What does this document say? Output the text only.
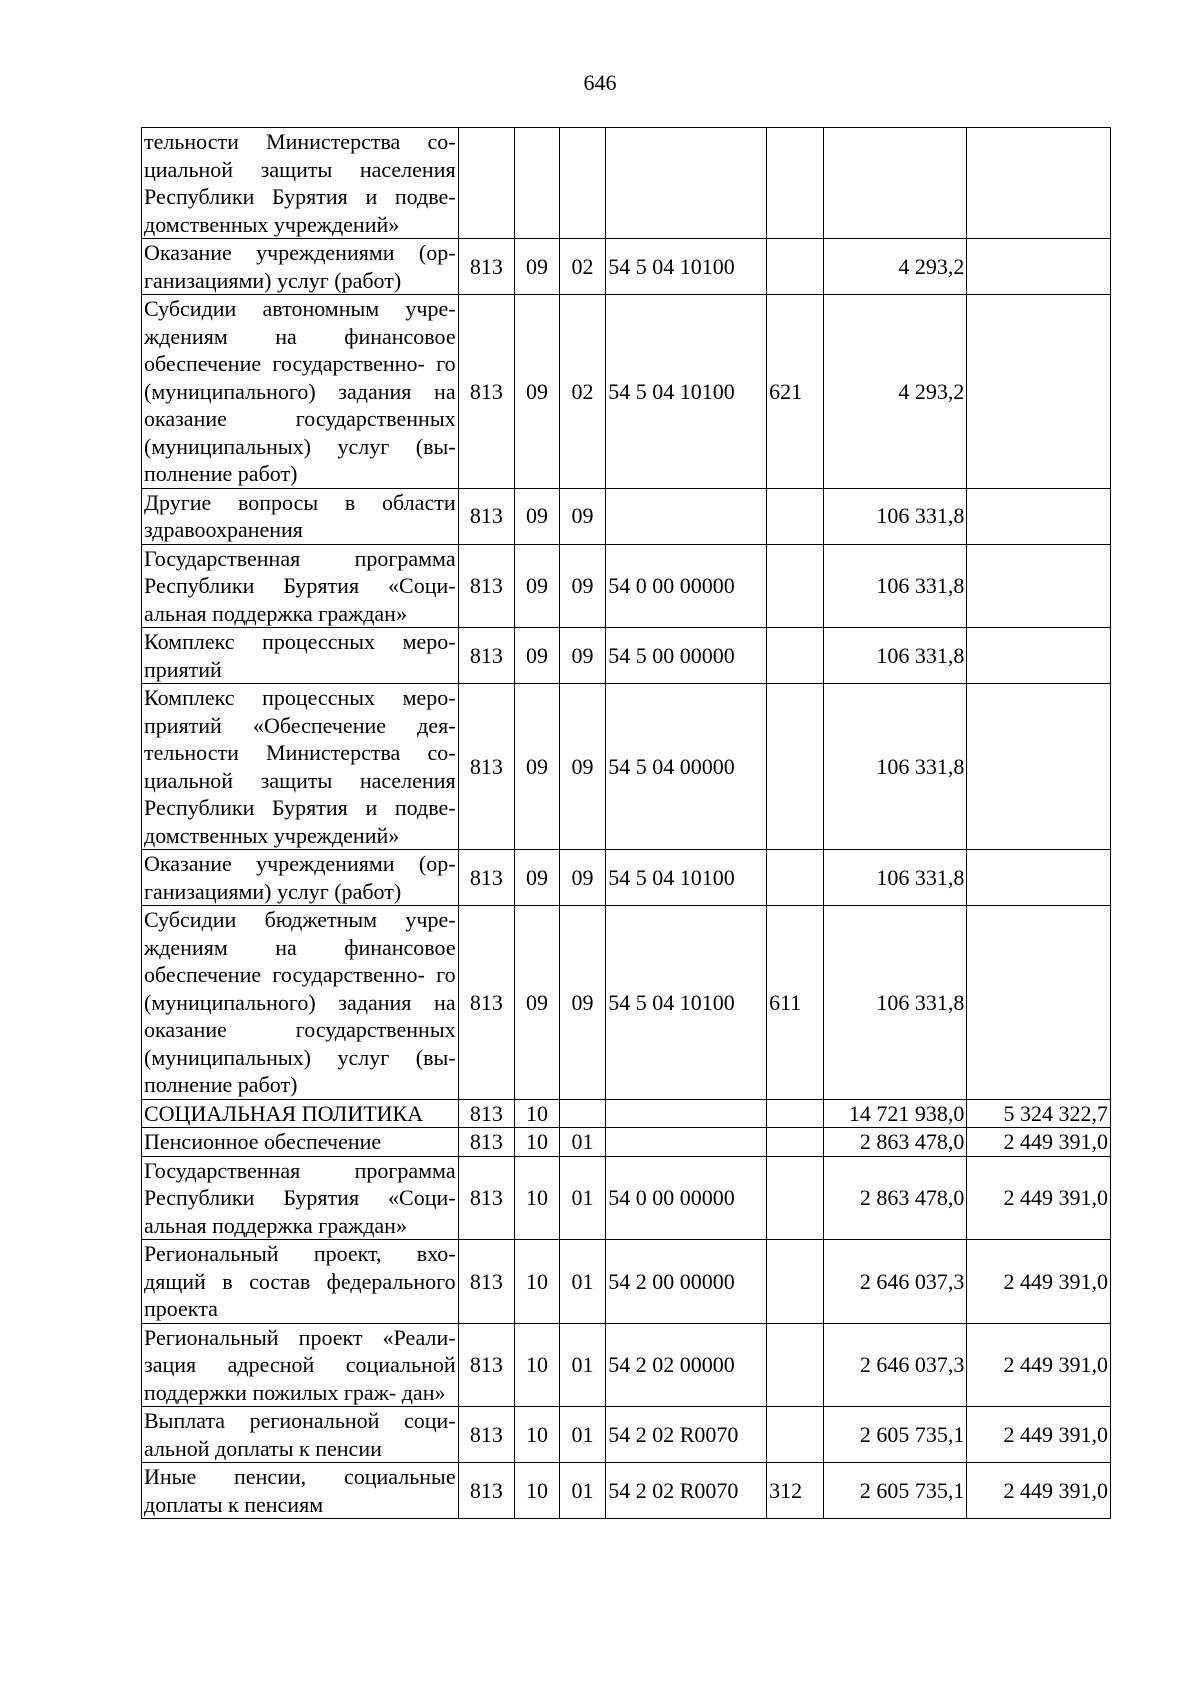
646
тельности Министерства со- циальной защиты населения Республики Бурятия и подве- домственных учреждений»							
Оказание учреждениями (ор- ганизациями) услуг (работ)	813	09	02	54 5 04 10100		4 293,2	
Субсидии автономным учре- ждениям на финансовое обеспечение государственно- го (муниципального) задания на оказание государственных (муниципальных) услуг (вы- полнение работ)	813	09	02	54 5 04 10100	621	4 293,2	
Другие вопросы в области здравоохранения	813	09	09			106 331,8	
Государственная программа Республики Бурятия «Соци- альная поддержка граждан»	813	09	09	54 0 00 00000		106 331,8	
Комплекс процессных меро- приятий	813	09	09	54 5 00 00000		106 331,8	
Комплекс процессных меро- приятий «Обеспечение дея- тельности Министерства со- циальной защиты населения Республики Бурятия и подве- домственных учреждений»	813	09	09	54 5 04 00000		106 331,8	
Оказание учреждениями (ор- ганизациями) услуг (работ)	813	09	09	54 5 04 10100		106 331,8	
Субсидии бюджетным учре- ждениям на финансовое обеспечение государственно- го (муниципального) задания на оказание государственных (муниципальных) услуг (вы- полнение работ)	813	09	09	54 5 04 10100	611	106 331,8	
СОЦИАЛЬНАЯ ПОЛИТИКА	813	10				14 721 938,0	5 324 322,7
Пенсионное обеспечение	813	10	01			2 863 478,0	2 449 391,0
Государственная программа Республики Бурятия «Соци- альная поддержка граждан»	813	10	01	54 0 00 00000		2 863 478,0	2 449 391,0
Региональный проект, вхо- дящий в состав федерального проекта	813	10	01	54 2 00 00000		2 646 037,3	2 449 391,0
Региональный проект «Реали- зация адресной социальной поддержки пожилых граж- дан»	813	10	01	54 2 02 00000		2 646 037,3	2 449 391,0
Выплата региональной соци- альной доплаты к пенсии	813	10	01	54 2 02 R0070		2 605 735,1	2 449 391,0
Иные пенсии, социальные доплаты к пенсиям	813	10	01	54 2 02 R0070	312	2 605 735,1	2 449 391,0
